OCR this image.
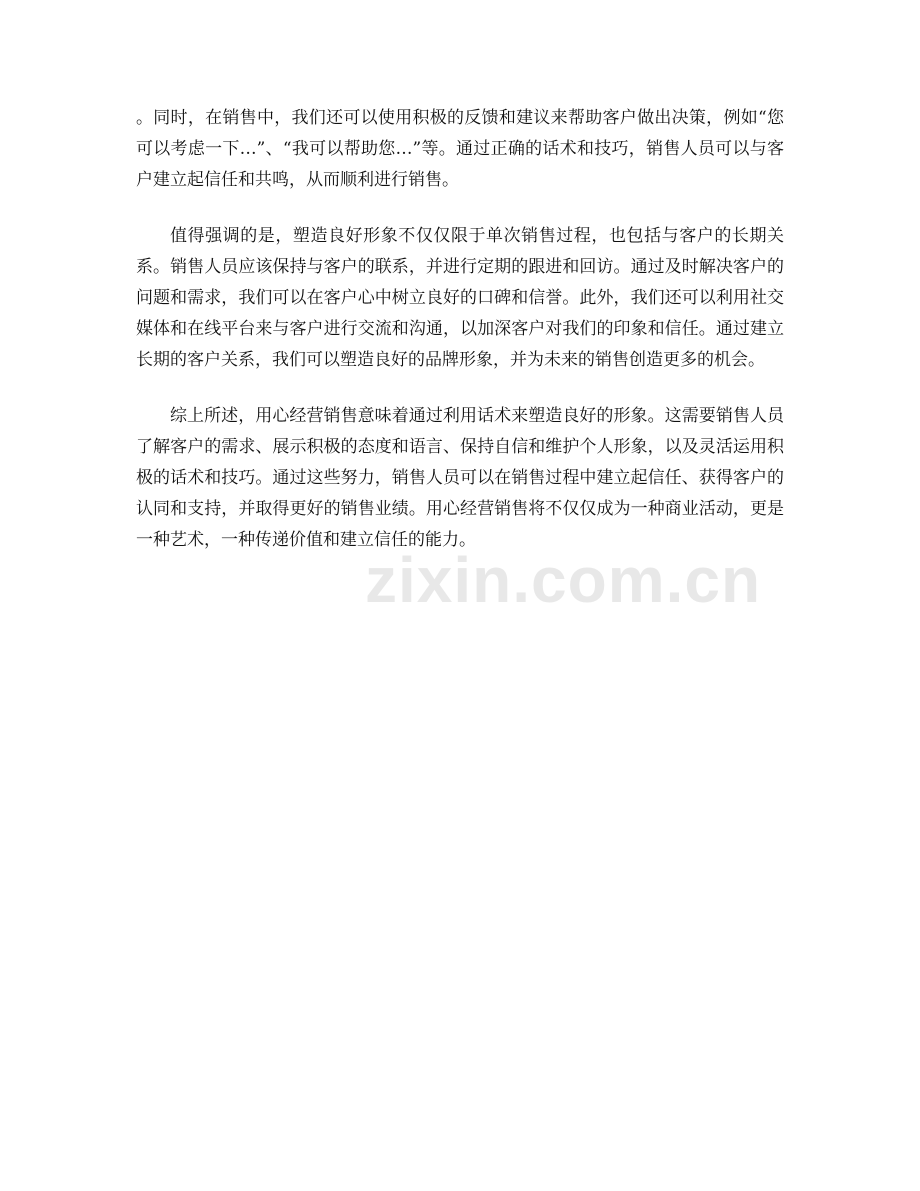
。同时，在销售中，我们还可以使用积极的反馈和建议来帮助客户做出决策，例如“您可以考虑一下…”、“我可以帮助您…”等。通过正确的话术和技巧，销售人员可以与客户建立起信任和共鸣，从而顺利进行销售。

值得强调的是，塑造良好形象不仅仅限于单次销售过程，也包括与客户的长期关系。销售人员应该保持与客户的联系，并进行定期的跟进和回访。通过及时解决客户的问题和需求，我们可以在客户心中树立良好的口碑和信誉。此外，我们还可以利用社交媒体和在线平台来与客户进行交流和沟通，以加深客户对我们的印象和信任。通过建立长期的客户关系，我们可以塑造良好的品牌形象，并为未来的销售创造更多的机会。

综上所述，用心经营销售意味着通过利用话术来塑造良好的形象。这需要销售人员了解客户的需求、展示积极的态度和语言、保持自信和维护个人形象，以及灵活运用积极的话术和技巧。通过这些努力，销售人员可以在销售过程中建立起信任、获得客户的认同和支持，并取得更好的销售业绩。用心经营销售将不仅仅成为一种商业活动，更是一种艺术，一种传递价值和建立信任的能力。

zixin.com.cn
